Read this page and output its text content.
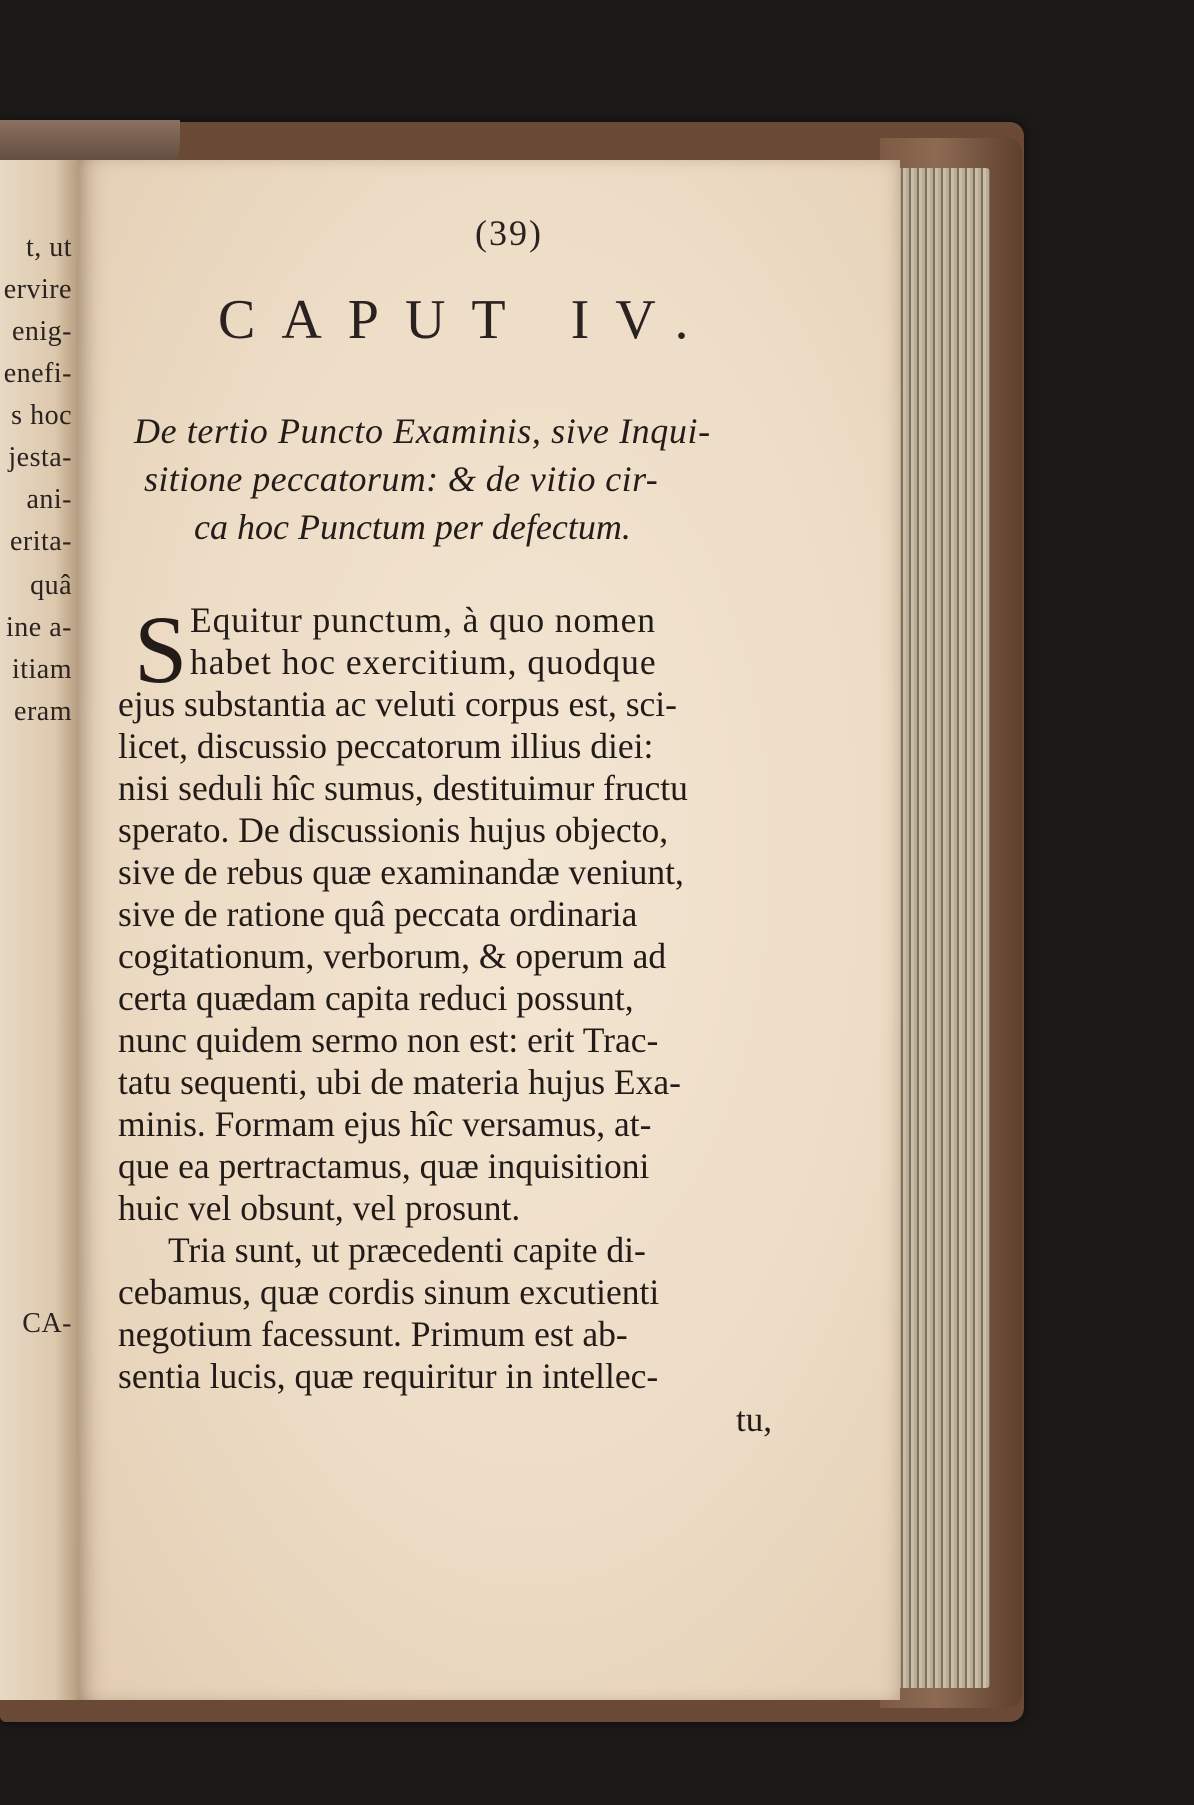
t, ut
ervire
enig-
enefi-
s hoc
jesta-
ani-
erita-
quâ
ine a-
itiam
eram
CA-
(39)
CAPUT IV.
De tertio Puncto Examinis, sive Inqui-
sitione peccatorum: & de vitio cir-
ca hoc Punctum per defectum.
S Equitur punctum, à quo nomen
habet hoc exercitium, quodque
ejus substantia ac veluti corpus est, sci-
licet, discussio peccatorum illius diei:
nisi seduli hîc sumus, destituimur fructu
sperato. De discussionis hujus objecto,
sive de rebus quæ examinandæ veniunt,
sive de ratione quâ peccata ordinaria
cogitationum, verborum, & operum ad
certa quædam capita reduci possunt,
nunc quidem sermo non est: erit Trac-
tatu sequenti, ubi de materia hujus Exa-
minis. Formam ejus hîc versamus, at-
que ea pertractamus, quæ inquisitioni
huic vel obsunt, vel prosunt.
Tria sunt, ut præcedenti capite di-
cebamus, quæ cordis sinum excutienti
negotium facessunt. Primum est ab-
sentia lucis, quæ requiritur in intellec-
tu,
